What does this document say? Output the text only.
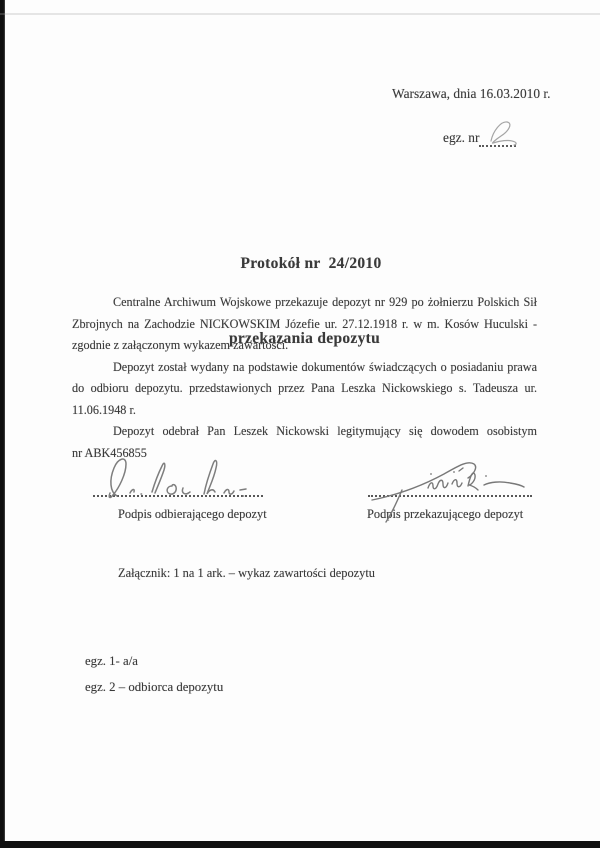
Warszawa, dnia 16.03.2010 r.
egz. nr

Protokół nr  24/2010

przekazania depozytu

Centralne Archiwum Wojskowe przekazuje depozyt nr 929 po żołnierzu Polskich Sił
Zbrojnych na Zachodzie NICKOWSKIM Józefie ur. 27.12.1918 r. w m. Kosów Huculski -
zgodnie z załączonym wykazem zawartości.
Depozyt został wydany na podstawie dokumentów świadczących o posiadaniu prawa
do odbioru depozytu. przedstawionych przez Pana Leszka Nickowskiego s. Tadeusza ur.
11.06.1948 r.
Depozyt odebrał Pan Leszek Nickowski legitymujący się dowodem osobistym
nr ABK456855
Podpis odbierającego depozyt	Podpis przekazującego depozyt
Załącznik: 1 na 1 ark. – wykaz zawartości depozytu
egz. 1- a/a
egz. 2 – odbiorca depozytu
